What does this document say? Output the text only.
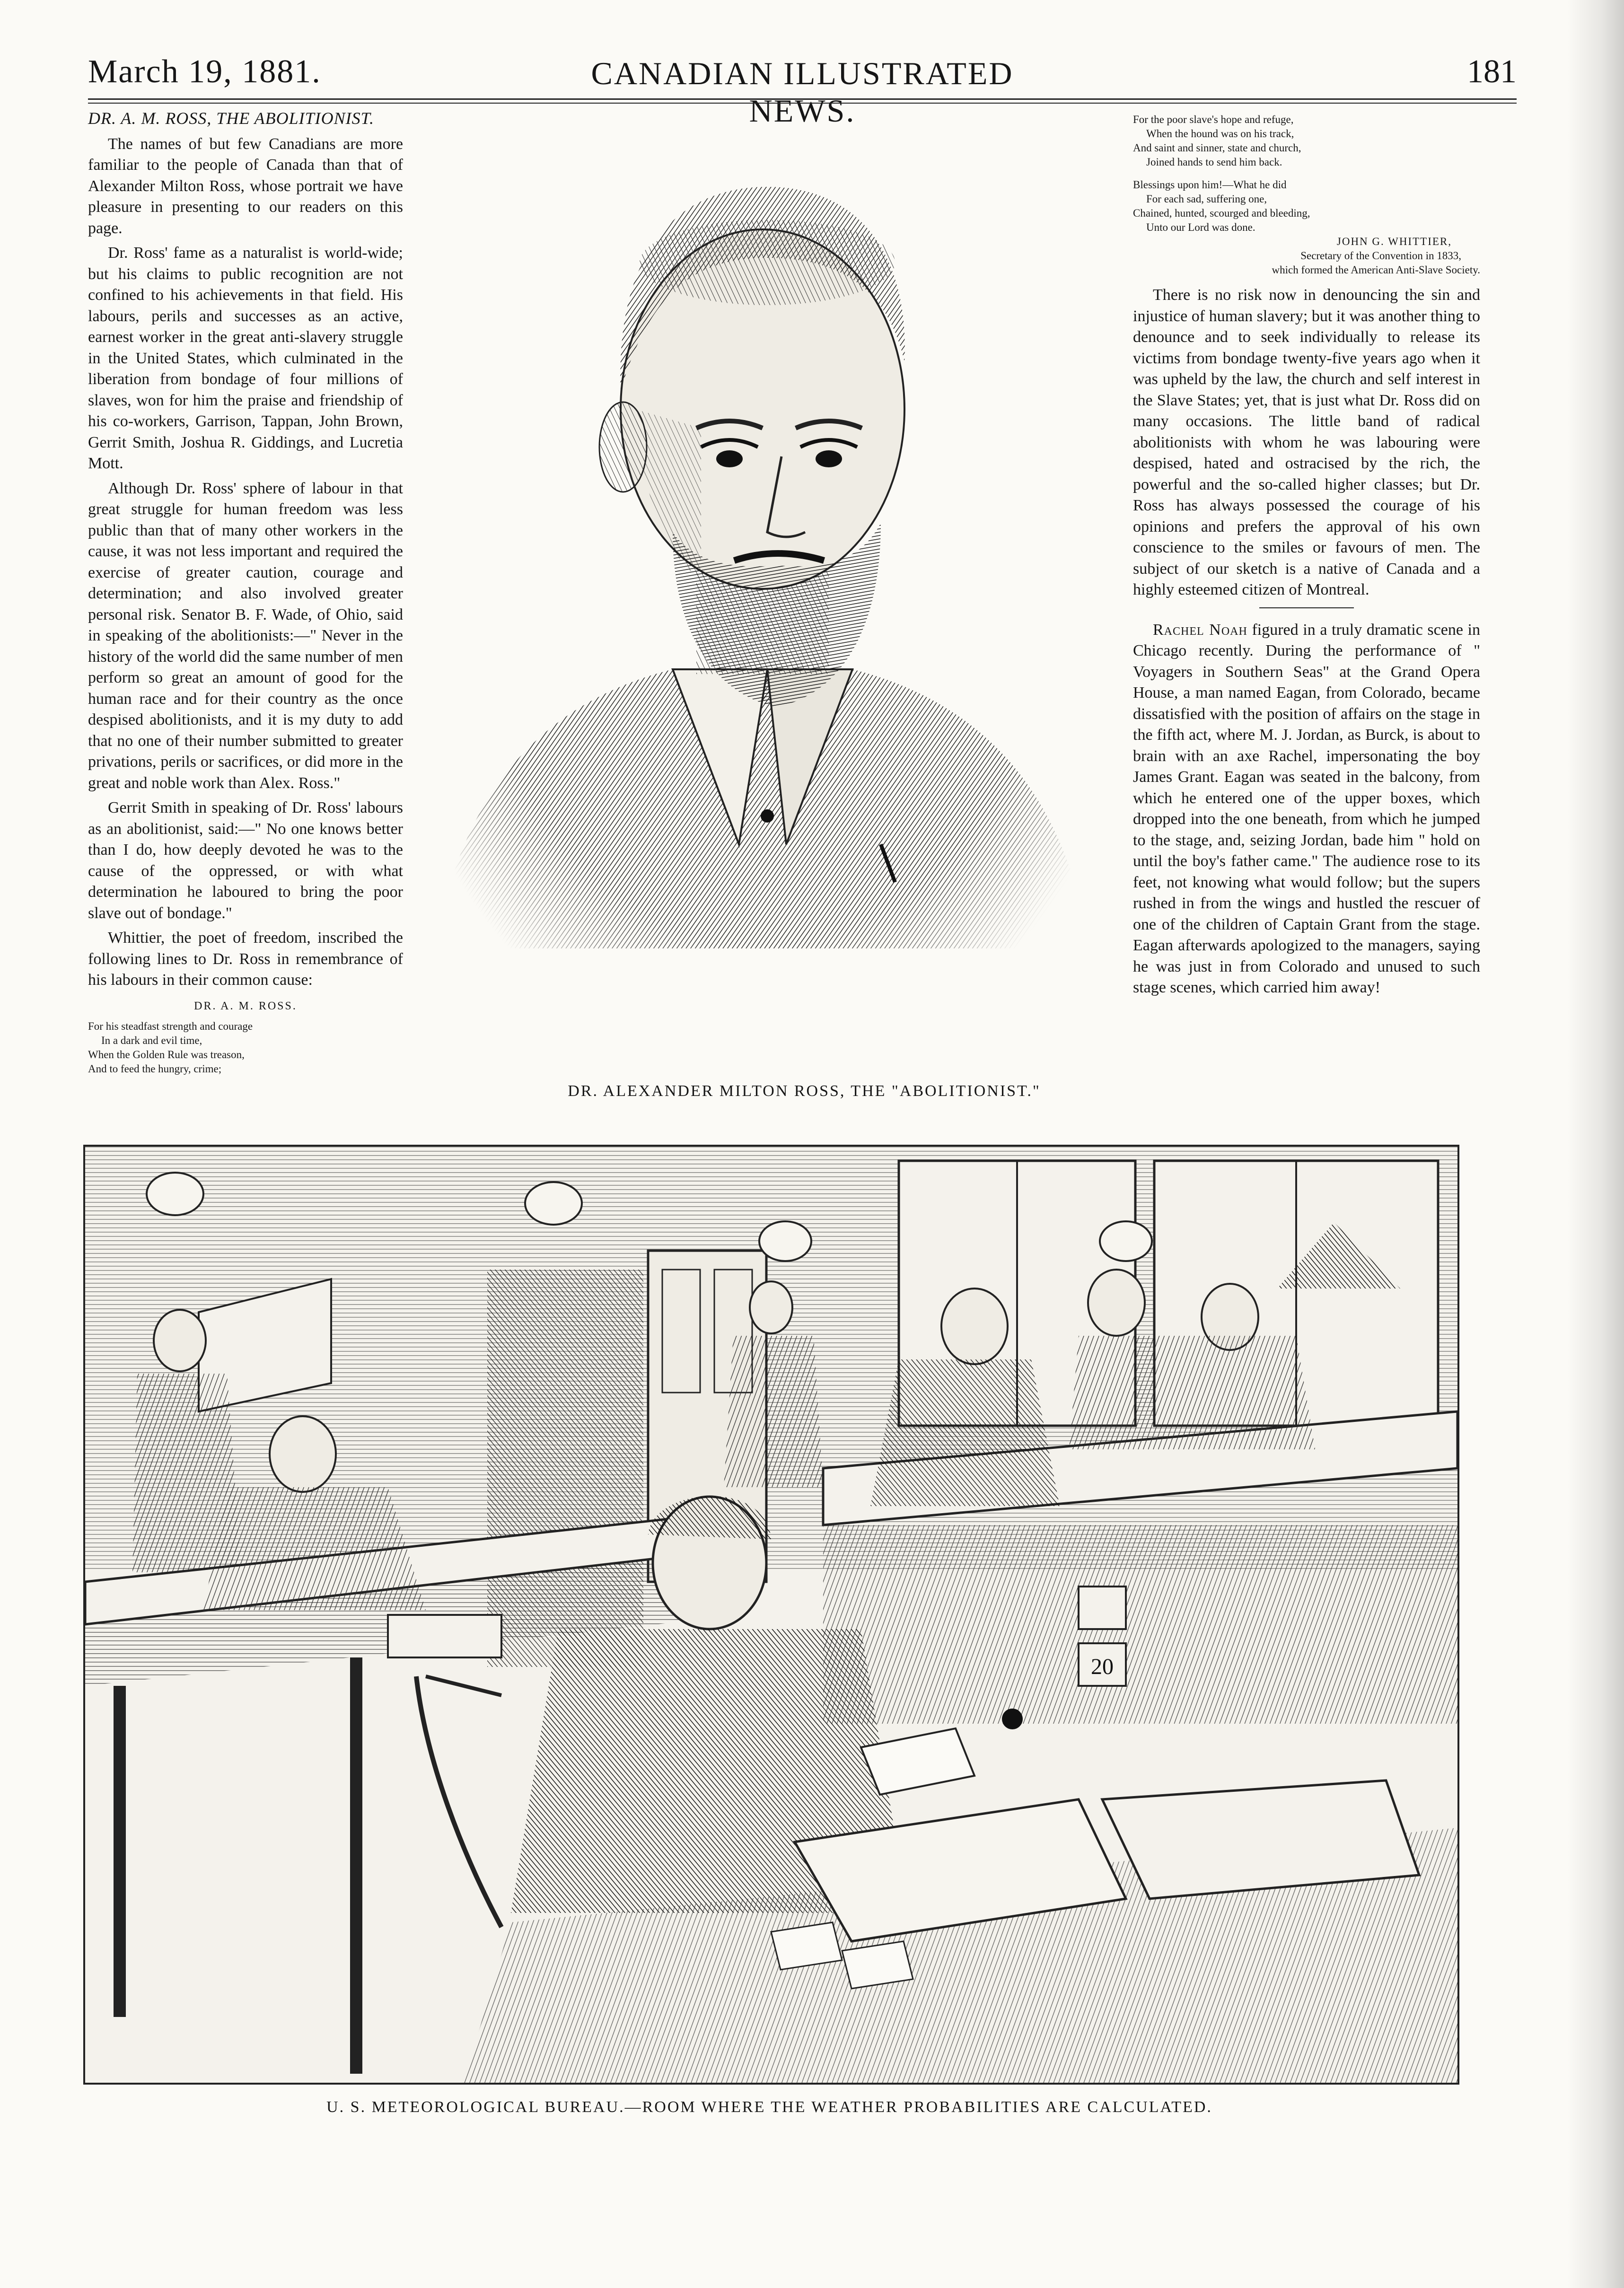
March 19, 1881.	CANADIAN ILLUSTRATED NEWS.
181

DR. A. M. ROSS, THE ABOLITIONIST.

The names of but few Canadians are more familiar to the people of Canada than that of Alexander Milton Ross, whose portrait we have pleasure in presenting to our readers on this page.

Dr. Ross' fame as a naturalist is world-wide; but his claims to public recognition are not confined to his achievements in that field. His labours, perils and successes as an active, earnest worker in the great anti-slavery struggle in the United States, which culminated in the liberation from bondage of four millions of slaves, won for him the praise and friendship of his co-workers, Garrison, Tappan, John Brown, Gerrit Smith, Joshua R. Giddings, and Lucretia Mott.

Although Dr. Ross' sphere of labour in that great struggle for human freedom was less public than that of many other workers in the cause, it was not less important and required the exercise of greater caution, courage and determination; and also involved greater personal risk. Senator B. F. Wade, of Ohio, said in speaking of the abolitionists:—" Never in the history of the world did the same number of men perform so great an amount of good for the human race and for their country as the once despised abolitionists, and it is my duty to add that no one of their number submitted to greater privations, perils or sacrifices, or did more in the great and noble work than Alex. Ross."

Gerrit Smith in speaking of Dr. Ross' labours as an abolitionist, said:—" No one knows better than I do, how deeply devoted he was to the cause of the oppressed, or with what determination he laboured to bring the poor slave out of bondage."

Whittier, the poet of freedom, inscribed the following lines to Dr. Ross in remembrance of his labours in their common cause:

DR. A. M. ROSS.
For his steadfast strength and courage
In a dark and evil time,
When the Golden Rule was treason,
And to feed the hungry, crime;
DR. ALEXANDER MILTON ROSS, THE "ABOLITIONIST."
For the poor slave's hope and refuge,
When the hound was on his track,
And saint and sinner, state and church,
Joined hands to send him back.
Blessings upon him!—What he did
For each sad, suffering one,
Chained, hunted, scourged and bleeding,
Unto our Lord was done.
JOHN G. WHITTIER,
Secretary of the Convention in 1833,
which formed the American Anti-Slave Society.

There is no risk now in denouncing the sin and injustice of human slavery; but it was another thing to denounce and to seek individually to release its victims from bondage twenty-five years ago when it was upheld by the law, the church and self interest in the Slave States; yet, that is just what Dr. Ross did on many occasions. The little band of radical abolitionists with whom he was labouring were despised, hated and ostracised by the rich, the powerful and the so-called higher classes; but Dr. Ross has always possessed the courage of his opinions and prefers the approval of his own conscience to the smiles or favours of men. The subject of our sketch is a native of Canada and a highly esteemed citizen of Montreal.

Rachel Noah figured in a truly dramatic scene in Chicago recently. During the performance of " Voyagers in Southern Seas" at the Grand Opera House, a man named Eagan, from Colorado, became dissatisfied with the position of affairs on the stage in the fifth act, where M. J. Jordan, as Burck, is about to brain with an axe Rachel, impersonating the boy James Grant. Eagan was seated in the balcony, from which he entered one of the upper boxes, which dropped into the one beneath, from which he jumped to the stage, and, seizing Jordan, bade him " hold on until the boy's father came." The audience rose to its feet, not knowing what would follow; but the supers rushed in from the wings and hustled the rescuer of one of the children of Captain Grant from the stage. Eagan afterwards apologized to the managers, saying he was just in from Colorado and unused to such stage scenes, which carried him away!

20
U. S. METEOROLOGICAL BUREAU.—ROOM WHERE THE WEATHER PROBABILITIES ARE CALCULATED.
